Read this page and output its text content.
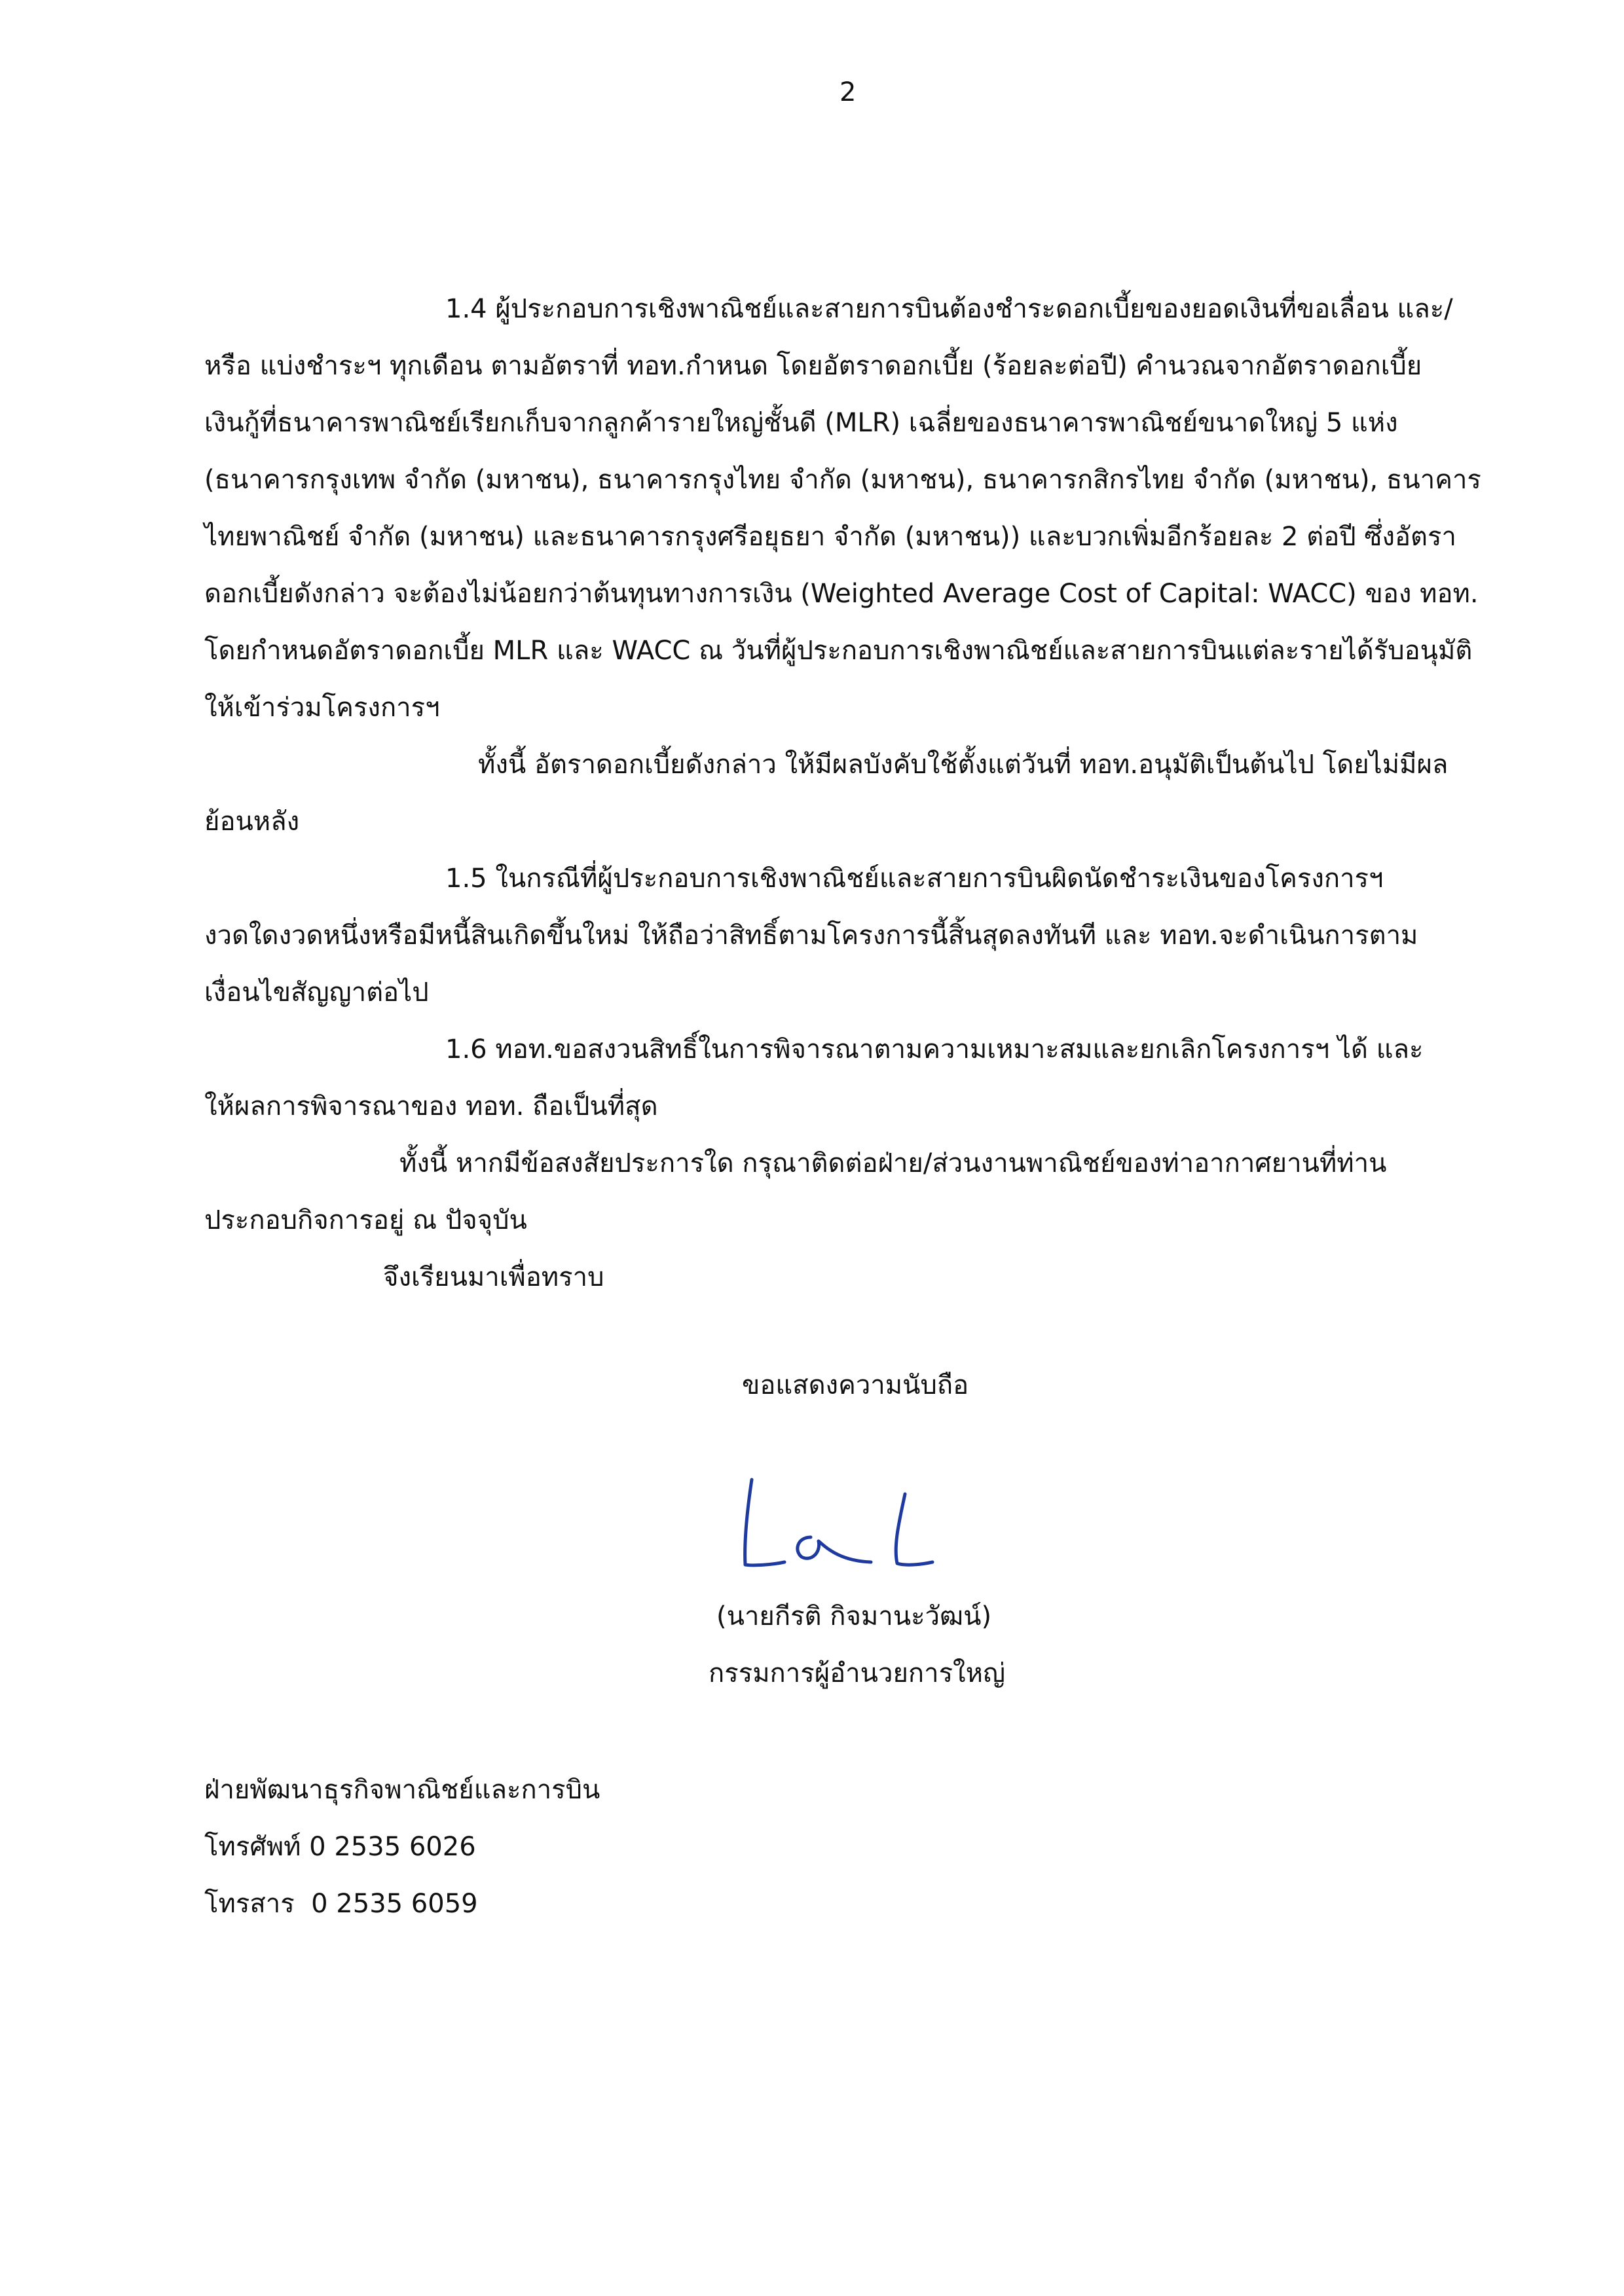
2
1.4 ผู้ประกอบการเชิงพาณิชย์และสายการบินต้องชำระดอกเบี้ยของยอดเงินที่ขอเลื่อน และ/
หรือ แบ่งชำระฯ ทุกเดือน ตามอัตราที่ ทอท.กำหนด โดยอัตราดอกเบี้ย (ร้อยละต่อปี) คำนวณจากอัตราดอกเบี้ย
เงินกู้ที่ธนาคารพาณิชย์เรียกเก็บจากลูกค้ารายใหญ่ชั้นดี (MLR) เฉลี่ยของธนาคารพาณิชย์ขนาดใหญ่ 5 แห่ง
(ธนาคารกรุงเทพ จำกัด (มหาชน), ธนาคารกรุงไทย จำกัด (มหาชน), ธนาคารกสิกรไทย จำกัด (มหาชน), ธนาคาร
ไทยพาณิชย์ จำกัด (มหาชน) และธนาคารกรุงศรีอยุธยา จำกัด (มหาชน)) และบวกเพิ่มอีกร้อยละ 2 ต่อปี ซึ่งอัตรา
ดอกเบี้ยดังกล่าว จะต้องไม่น้อยกว่าต้นทุนทางการเงิน (Weighted Average Cost of Capital: WACC) ของ ทอท.
โดยกำหนดอัตราดอกเบี้ย MLR และ WACC ณ วันที่ผู้ประกอบการเชิงพาณิชย์และสายการบินแต่ละรายได้รับอนุมัติ
ให้เข้าร่วมโครงการฯ
ทั้งนี้ อัตราดอกเบี้ยดังกล่าว ให้มีผลบังคับใช้ตั้งแต่วันที่ ทอท.อนุมัติเป็นต้นไป โดยไม่มีผล
ย้อนหลัง
1.5 ในกรณีที่ผู้ประกอบการเชิงพาณิชย์และสายการบินผิดนัดชำระเงินของโครงการฯ
งวดใดงวดหนึ่งหรือมีหนี้สินเกิดขึ้นใหม่ ให้ถือว่าสิทธิ์ตามโครงการนี้สิ้นสุดลงทันที และ ทอท.จะดำเนินการตาม
เงื่อนไขสัญญาต่อไป
1.6 ทอท.ขอสงวนสิทธิ์ในการพิจารณาตามความเหมาะสมและยกเลิกโครงการฯ ได้ และ
ให้ผลการพิจารณาของ ทอท. ถือเป็นที่สุด
ทั้งนี้ หากมีข้อสงสัยประการใด กรุณาติดต่อฝ่าย/ส่วนงานพาณิชย์ของท่าอากาศยานที่ท่าน
ประกอบกิจการอยู่ ณ ปัจจุบัน
จึงเรียนมาเพื่อทราบ
ขอแสดงความนับถือ
(นายกีรติ กิจมานะวัฒน์)
กรรมการผู้อำนวยการใหญ่
ฝ่ายพัฒนาธุรกิจพาณิชย์และการบิน
โทรศัพท์ 0 2535 6026
โทรสาร  0 2535 6059
